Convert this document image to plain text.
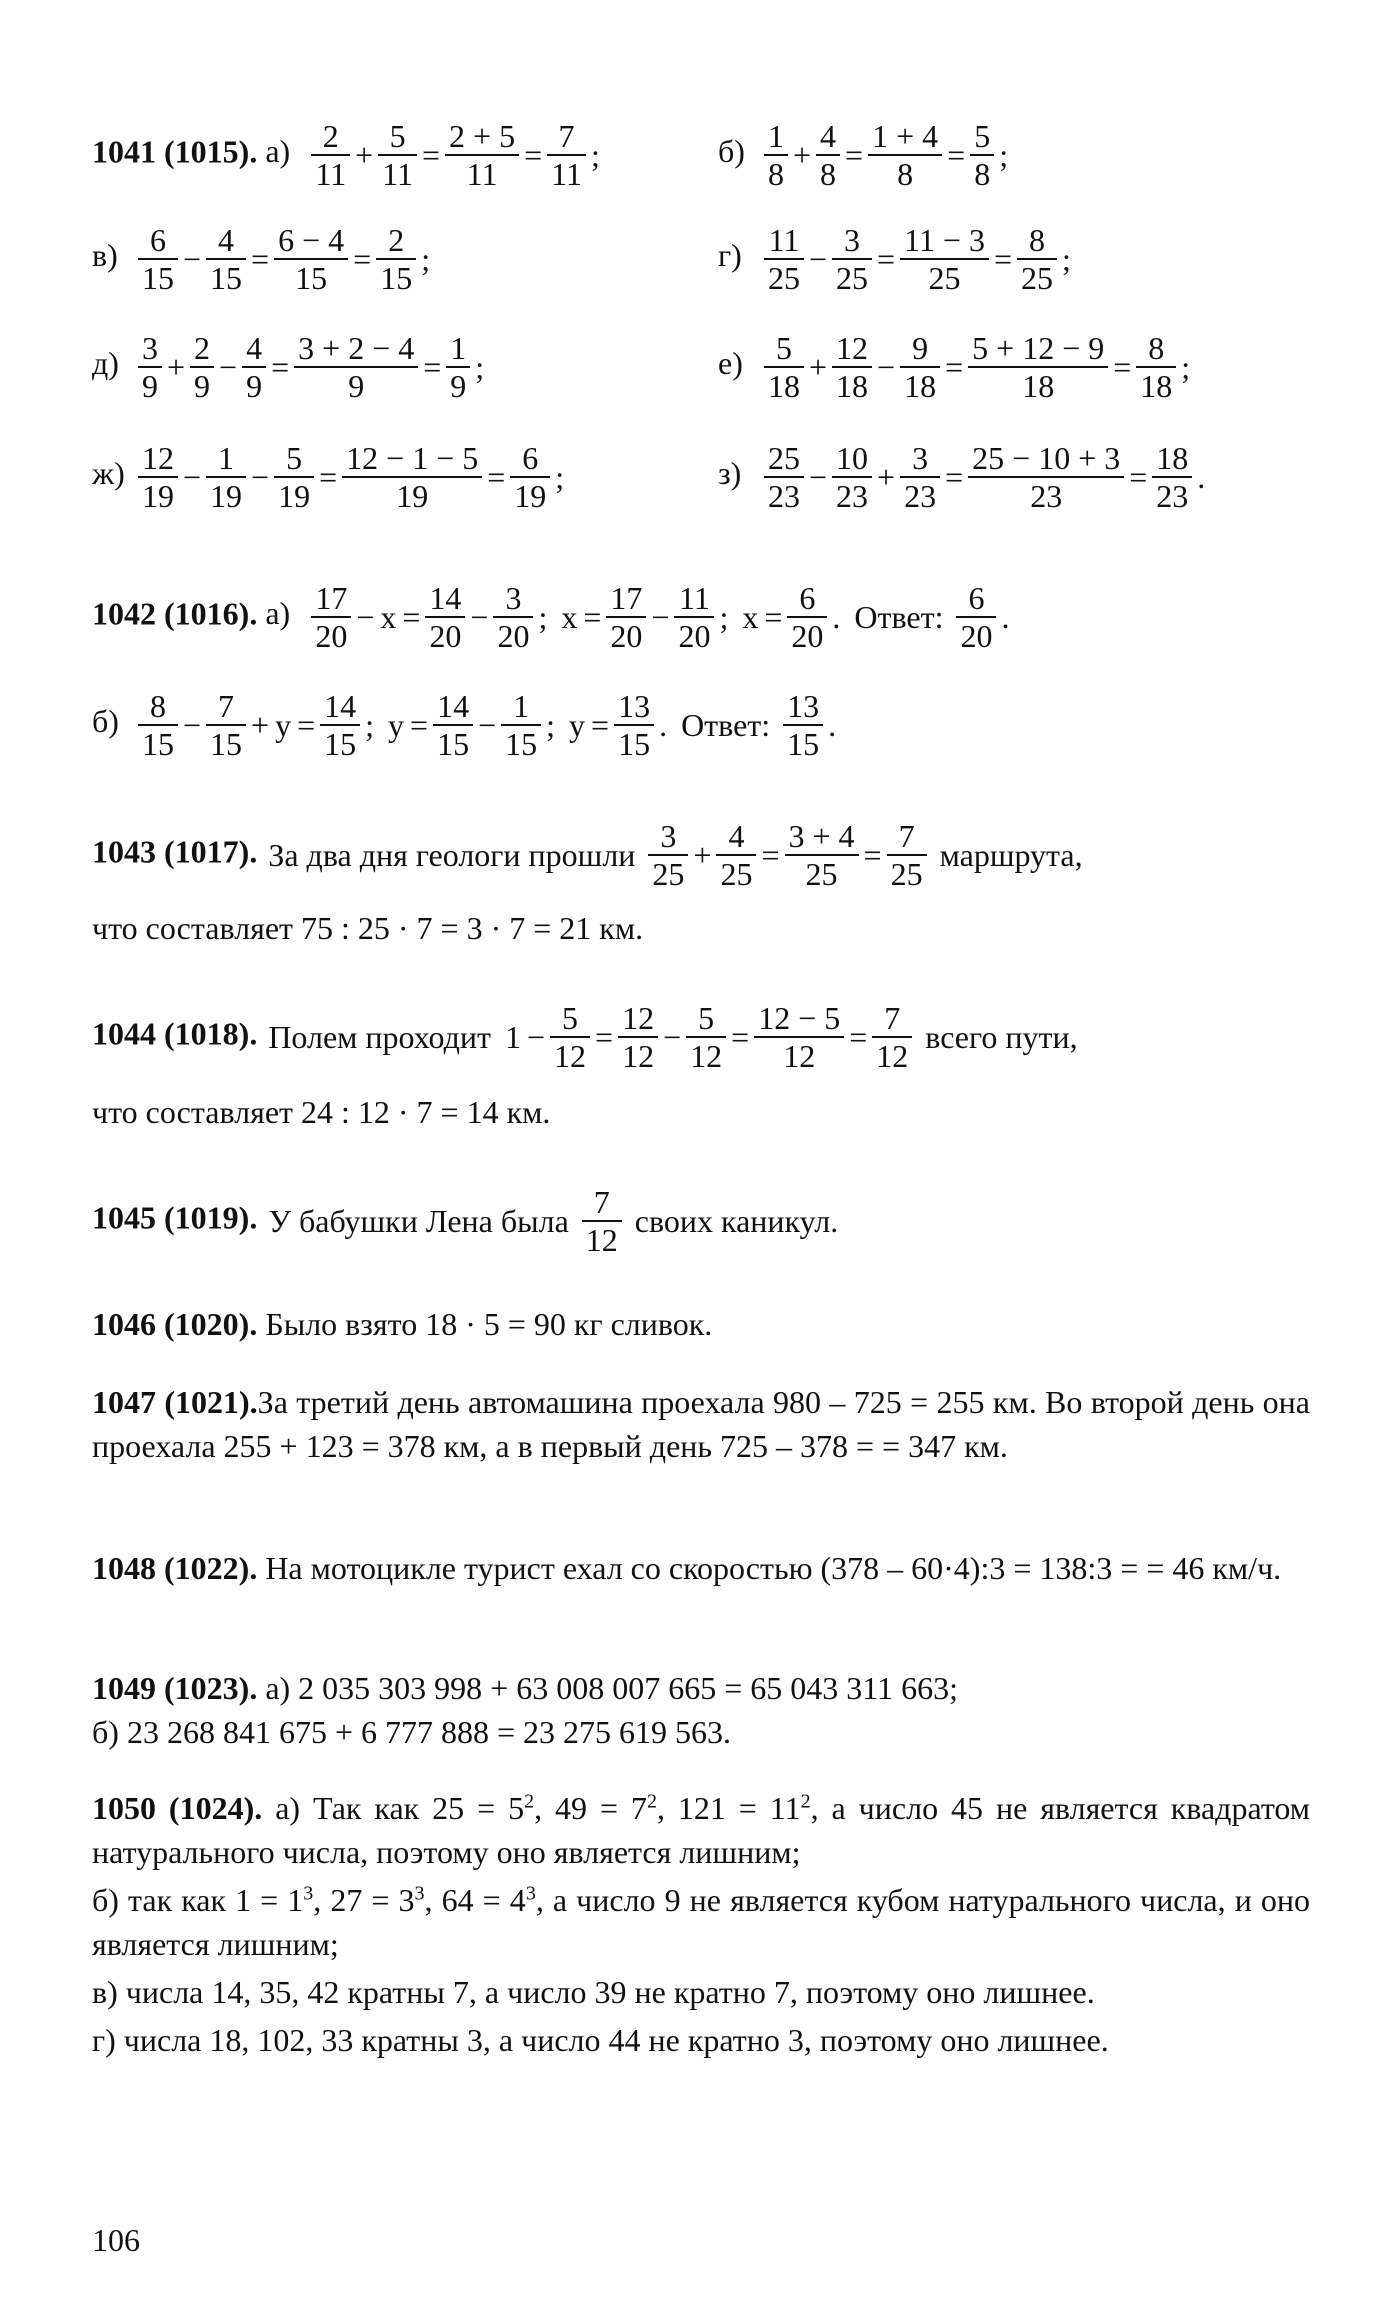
1041 (1015). $а) \frac{2}{11} + \frac{5}{11} = \frac{2 + 5}{11} = \frac{7}{11}$ ;	$б) \frac{1}{8} + \frac{4}{8} = \frac{1 + 4}{8} = \frac{5}{8}$ ;
$в) \frac{6}{15} - \frac{4}{15} = \frac{6 - 4}{15} = \frac{2}{15}$ ;	$г) \frac{11}{25} - \frac{3}{25} = \frac{11 - 3}{25} = \frac{8}{25}$ ;
$д) \frac{3}{9} + \frac{2}{9} - \frac{4}{9} = \frac{3 + 2 - 4}{9} = \frac{1}{9}$ ;	$е) \frac{5}{18} + \frac{12}{18} - \frac{9}{18} = \frac{5 + 12 - 9}{18} = \frac{8}{18}$ ;
$ж) \frac{12}{19} - \frac{1}{19} - \frac{5}{19} = \frac{12 - 1 - 5}{19} = \frac{6}{19}$ ;	$з) \frac{25}{23} - \frac{10}{23} + \frac{3}{23} = \frac{25 - 10 + 3}{23} = \frac{18}{23}$ .
1042 (1016). $а) \frac{17}{20} - x = \frac{14}{20} - \frac{3}{20}$ ; $x = \frac{17}{20} - \frac{11}{20}$ ; $x = \frac{6}{20}$ . Ответ: $\frac{6}{20}$ .
$б) \frac{8}{15} - \frac{7}{15} + y = \frac{14}{15}$ ; $y = \frac{14}{15} - \frac{1}{15}$ ; $y = \frac{13}{15}$ . Ответ: $\frac{13}{15}$ .
1043 (1017). За два дня геологи прошли $\frac{3}{25} + \frac{4}{25} = \frac{3 + 4}{25} = \frac{7}{25}$ маршрута,
что составляет 75 : 25 · 7 = 3 · 7 = 21 км.
1044 (1018). Полем проходит $1 - \frac{5}{12} = \frac{12}{12} - \frac{5}{12} = \frac{12 - 5}{12} = \frac{7}{12}$ всего пути,
что составляет 24 : 12 · 7 = 14 км.
1045 (1019). У бабушки Лена была $\frac{7}{12}$ своих каникул.
1046 (1020). Было взято 18 · 5 = 90 кг сливок.
1047 (1021).За третий день автомашина проехала 980 – 725 = 255 км. Во второй день она проехала 255 + 123 = 378 км, а в первый день 725 – 378 = = 347 км.
1048 (1022). На мотоцикле турист ехал со скоростью (378 – 60·4):3 = 138:3 = = 46 км/ч.
1049 (1023). а) 2 035 303 998 + 63 008 007 665 = 65 043 311 663;
б) 23 268 841 675 + 6 777 888 = 23 275 619 563.
1050 (1024). а) Так как $25 = 5^2$, $49 = 7^2$, $121 = 11^2$, а число 45 не является квадратом натурального числа, поэтому оно является лишним;
б) так как $1 = 1^3$, $27 = 3^3$, $64 = 4^3$, а число 9 не является кубом натурального числа, и оно является лишним;
в) числа 14, 35, 42 кратны 7, а число 39 не кратно 7, поэтому оно лишнее.
г) числа 18, 102, 33 кратны 3, а число 44 не кратно 3, поэтому оно лишнее.
106
